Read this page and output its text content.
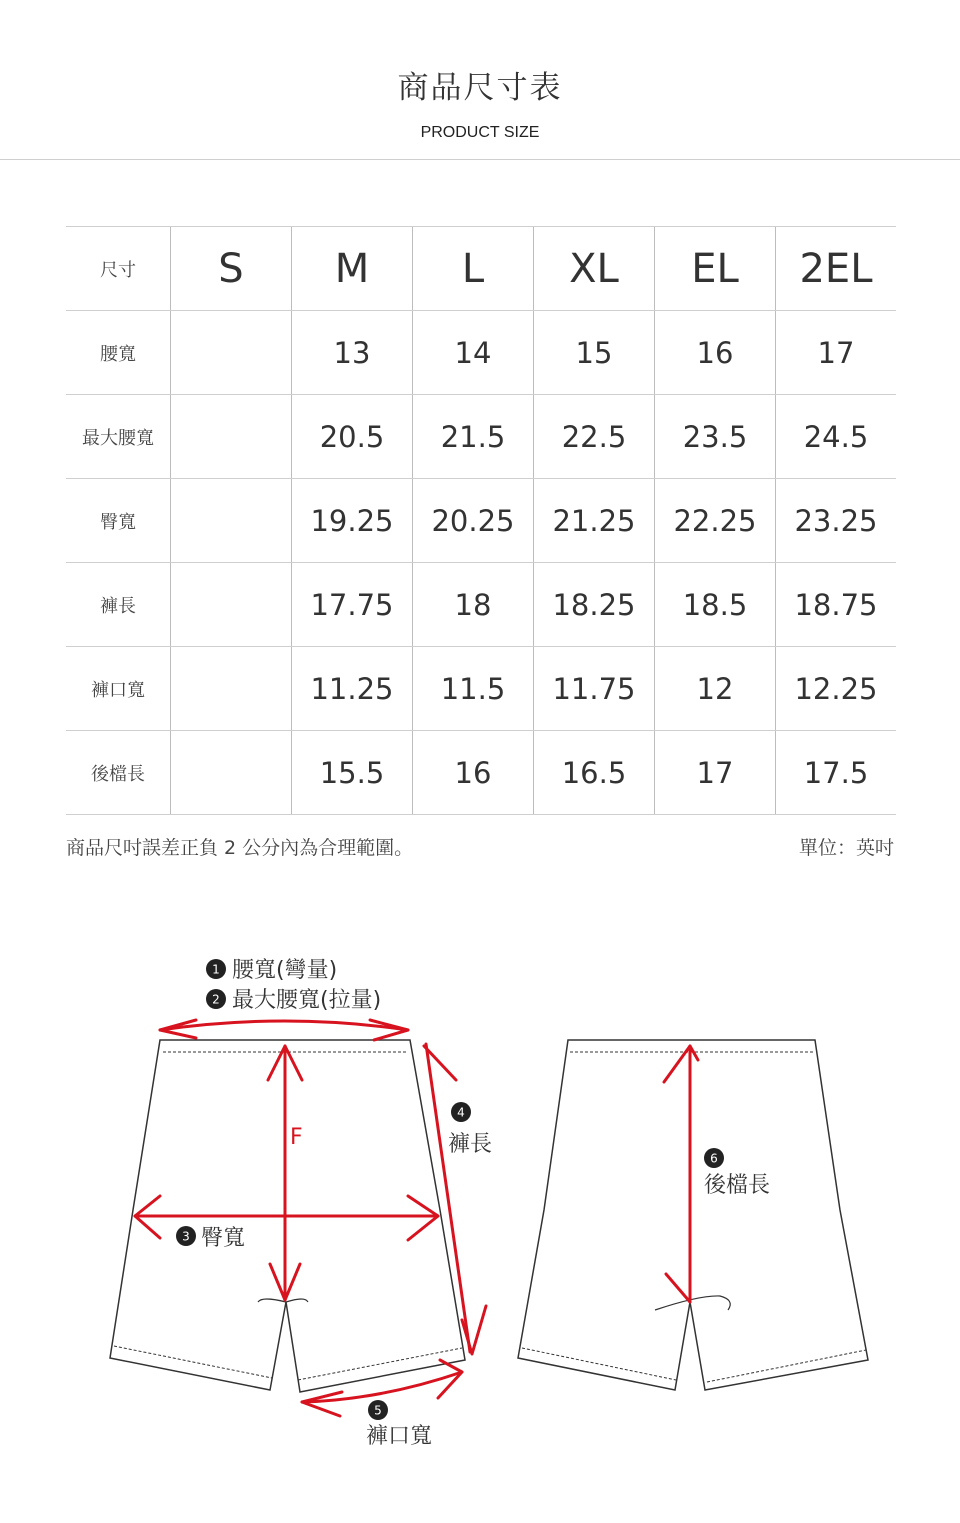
商品尺寸表
PRODUCT SIZE
尺寸	S	M	L	XL	EL	2EL
腰寬		13	14	15	16	17
最大腰寬		20.5	21.5	22.5	23.5	24.5
臀寬		19.25	20.25	21.25	22.25	23.25
褲長		17.75	18	18.25	18.5	18.75
褲口寬		11.25	11.5	11.75	12	12.25
後檔長		15.5	16	16.5	17	17.5
商品尺吋誤差正負 2 公分內為合理範圍。	單位：英吋
F
1 腰寬(彎量)
2 最大腰寬(拉量)
3 臀寬
4
褲長
5
褲口寬
6
後檔長
